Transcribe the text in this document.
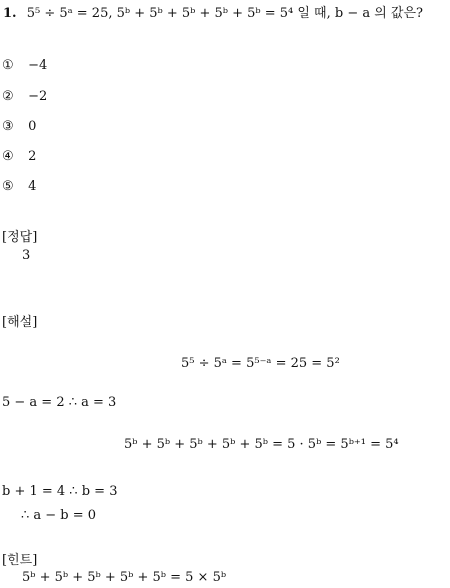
1. 5⁵ ÷ 5ᵃ = 25, 5ᵇ + 5ᵇ + 5ᵇ + 5ᵇ + 5ᵇ = 5⁴ 일 때, b − a 의 값은?
① −4
② −2
③ 0
④ 2
⑤ 4
[정답]
3
[해설]
5⁵ ÷ 5ᵃ = 5⁵⁻ᵃ = 25 = 5²
5 − a = 2 ∴ a = 3
5ᵇ + 5ᵇ + 5ᵇ + 5ᵇ + 5ᵇ = 5 · 5ᵇ = 5ᵇ⁺¹ = 5⁴
b + 1 = 4 ∴ b = 3
∴ a − b = 0
[힌트]
5ᵇ + 5ᵇ + 5ᵇ + 5ᵇ + 5ᵇ = 5 × 5ᵇ
